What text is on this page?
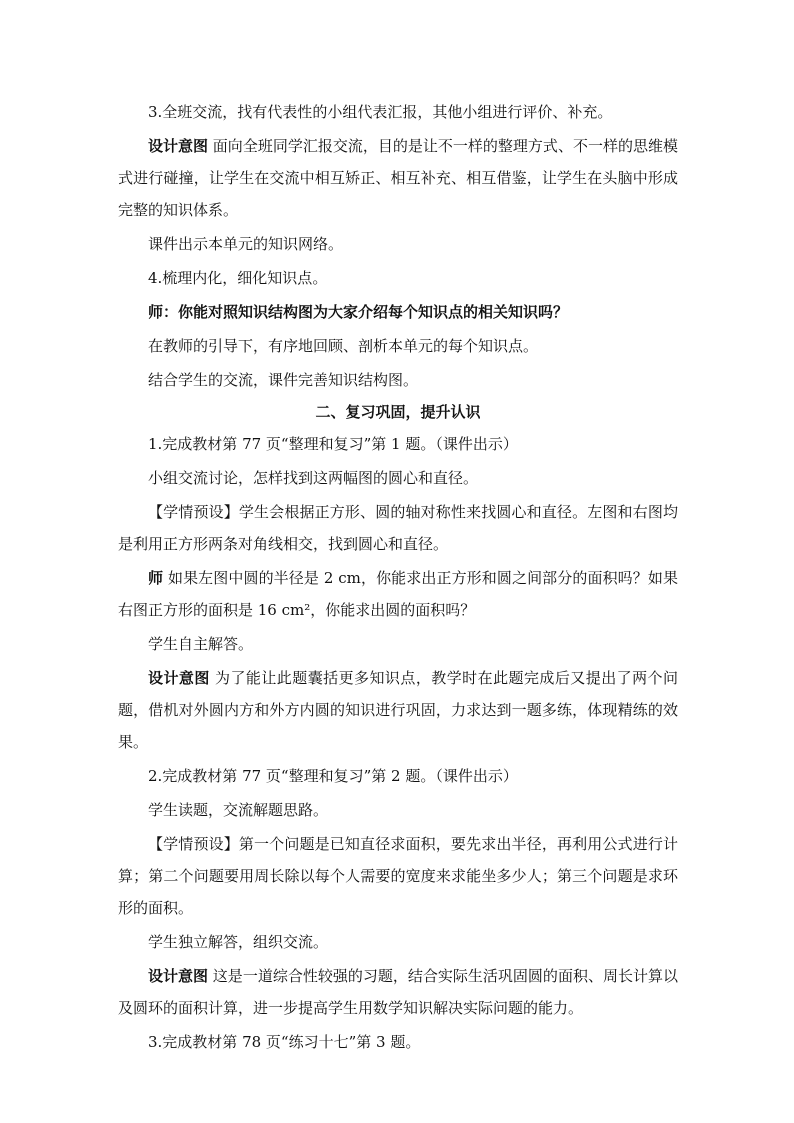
3.全班交流，找有代表性的小组代表汇报，其他小组进行评价、补充。

设计意图 面向全班同学汇报交流，目的是让不一样的整理方式、不一样的思维模式进行碰撞，让学生在交流中相互矫正、相互补充、相互借鉴，让学生在头脑中形成完整的知识体系。

课件出示本单元的知识网络。

4.梳理内化，细化知识点。

师：你能对照知识结构图为大家介绍每个知识点的相关知识吗？

在教师的引导下，有序地回顾、剖析本单元的每个知识点。

结合学生的交流，课件完善知识结构图。

二、复习巩固，提升认识

1.完成教材第 77 页“整理和复习”第 1 题。（课件出示）

小组交流讨论，怎样找到这两幅图的圆心和直径。

【学情预设】学生会根据正方形、圆的轴对称性来找圆心和直径。左图和右图均是利用正方形两条对角线相交，找到圆心和直径。

师 如果左图中圆的半径是 2 cm，你能求出正方形和圆之间部分的面积吗？如果右图正方形的面积是 16 cm²，你能求出圆的面积吗？

学生自主解答。

设计意图 为了能让此题囊括更多知识点，教学时在此题完成后又提出了两个问题，借机对外圆内方和外方内圆的知识进行巩固，力求达到一题多练，体现精练的效果。

2.完成教材第 77 页“整理和复习”第 2 题。（课件出示）

学生读题，交流解题思路。

【学情预设】第一个问题是已知直径求面积，要先求出半径，再利用公式进行计算；第二个问题要用周长除以每个人需要的宽度来求能坐多少人；第三个问题是求环形的面积。

学生独立解答，组织交流。

设计意图 这是一道综合性较强的习题，结合实际生活巩固圆的面积、周长计算以及圆环的面积计算，进一步提高学生用数学知识解决实际问题的能力。

3.完成教材第 78 页“练习十七”第 3 题。
